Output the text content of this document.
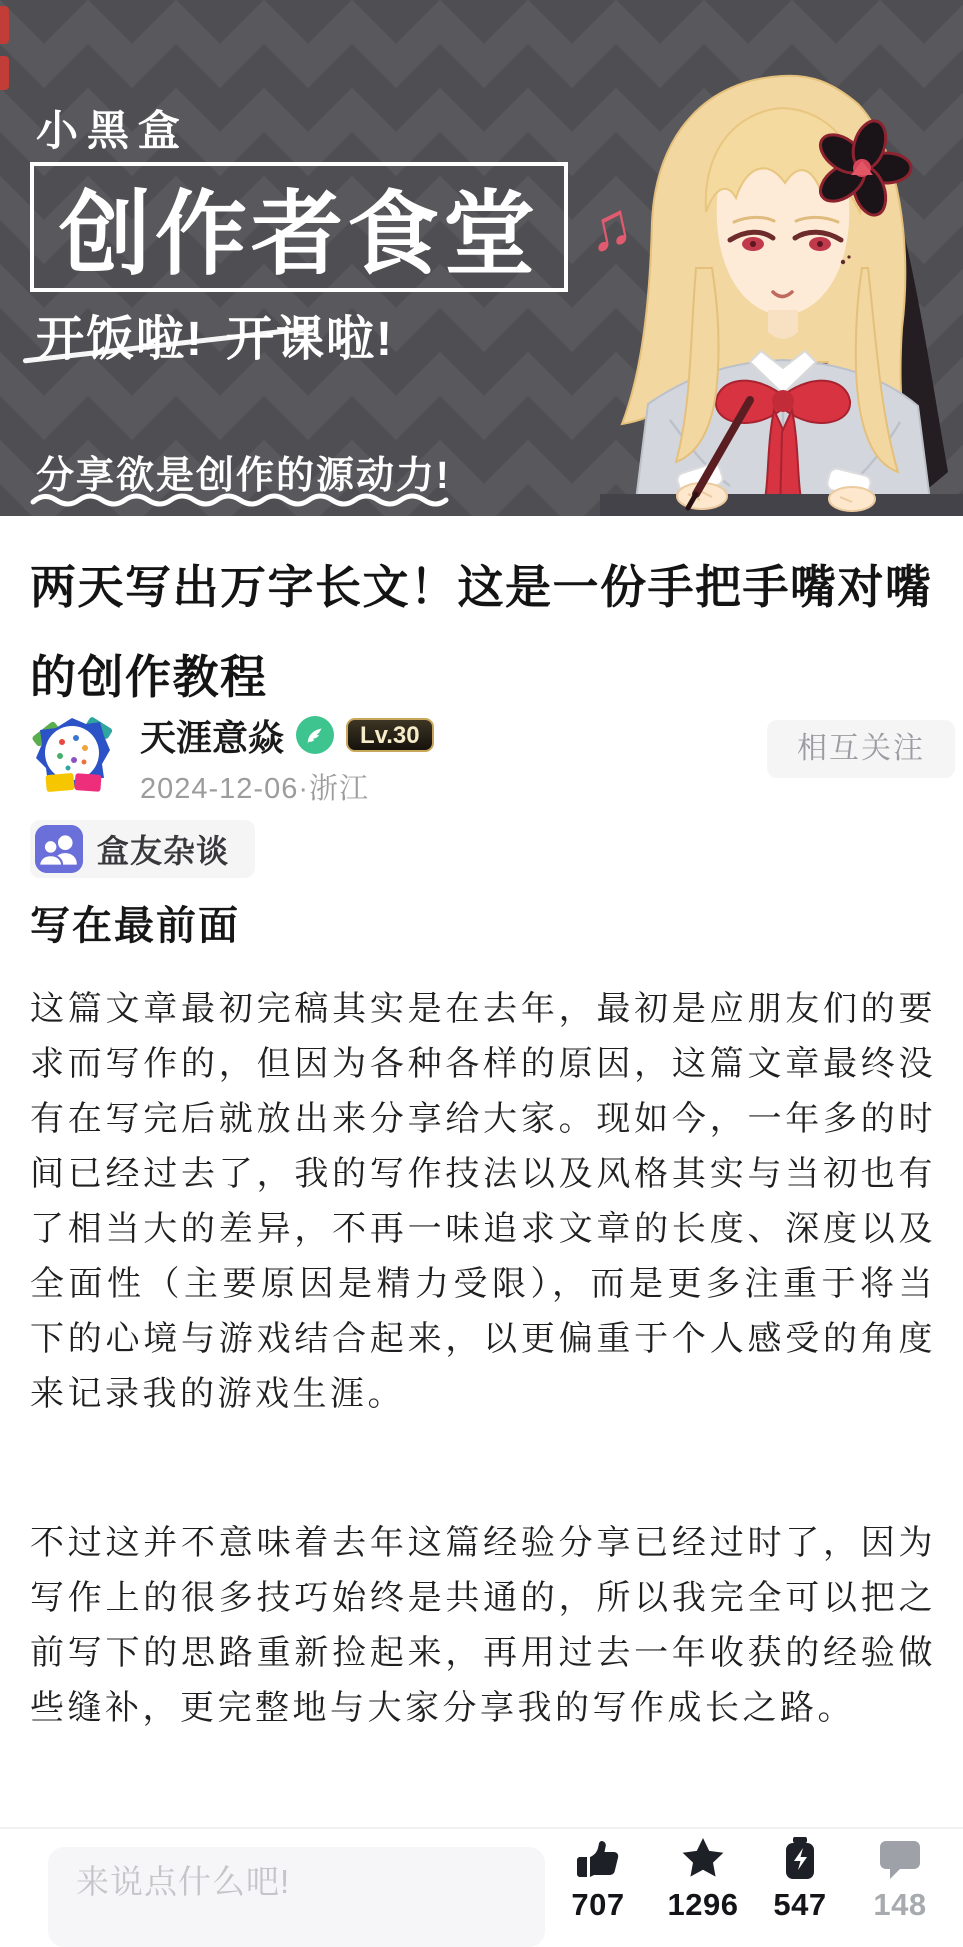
小黑盒
创作者食堂 ♫
开饭啦! 开课啦!
分享欲是创作的源动力!
两天写出万字长文！这是一份手把手嘴对嘴
的创作教程
天涯意焱	Lv.30
2024-12-06·浙江
相互关注
盒友杂谈
写在最前面
这篇文章最初完稿其实是在去年，最初是应朋友们的要求而写作的，但因为各种各样的原因，这篇文章最终没有在写完后就放出来分享给大家。现如今，一年多的时间已经过去了，我的写作技法以及风格其实与当初也有了相当大的差异，不再一味追求文章的长度、深度以及全面性（主要原因是精力受限），而是更多注重于将当下的心境与游戏结合起来，以更偏重于个人感受的角度来记录我的游戏生涯。
不过这并不意味着去年这篇经验分享已经过时了，因为写作上的很多技巧始终是共通的，所以我完全可以把之前写下的思路重新捡起来，再用过去一年收获的经验做些缝补，更完整地与大家分享我的写作成长之路。
来说点什么吧!
707 1296 547 148
